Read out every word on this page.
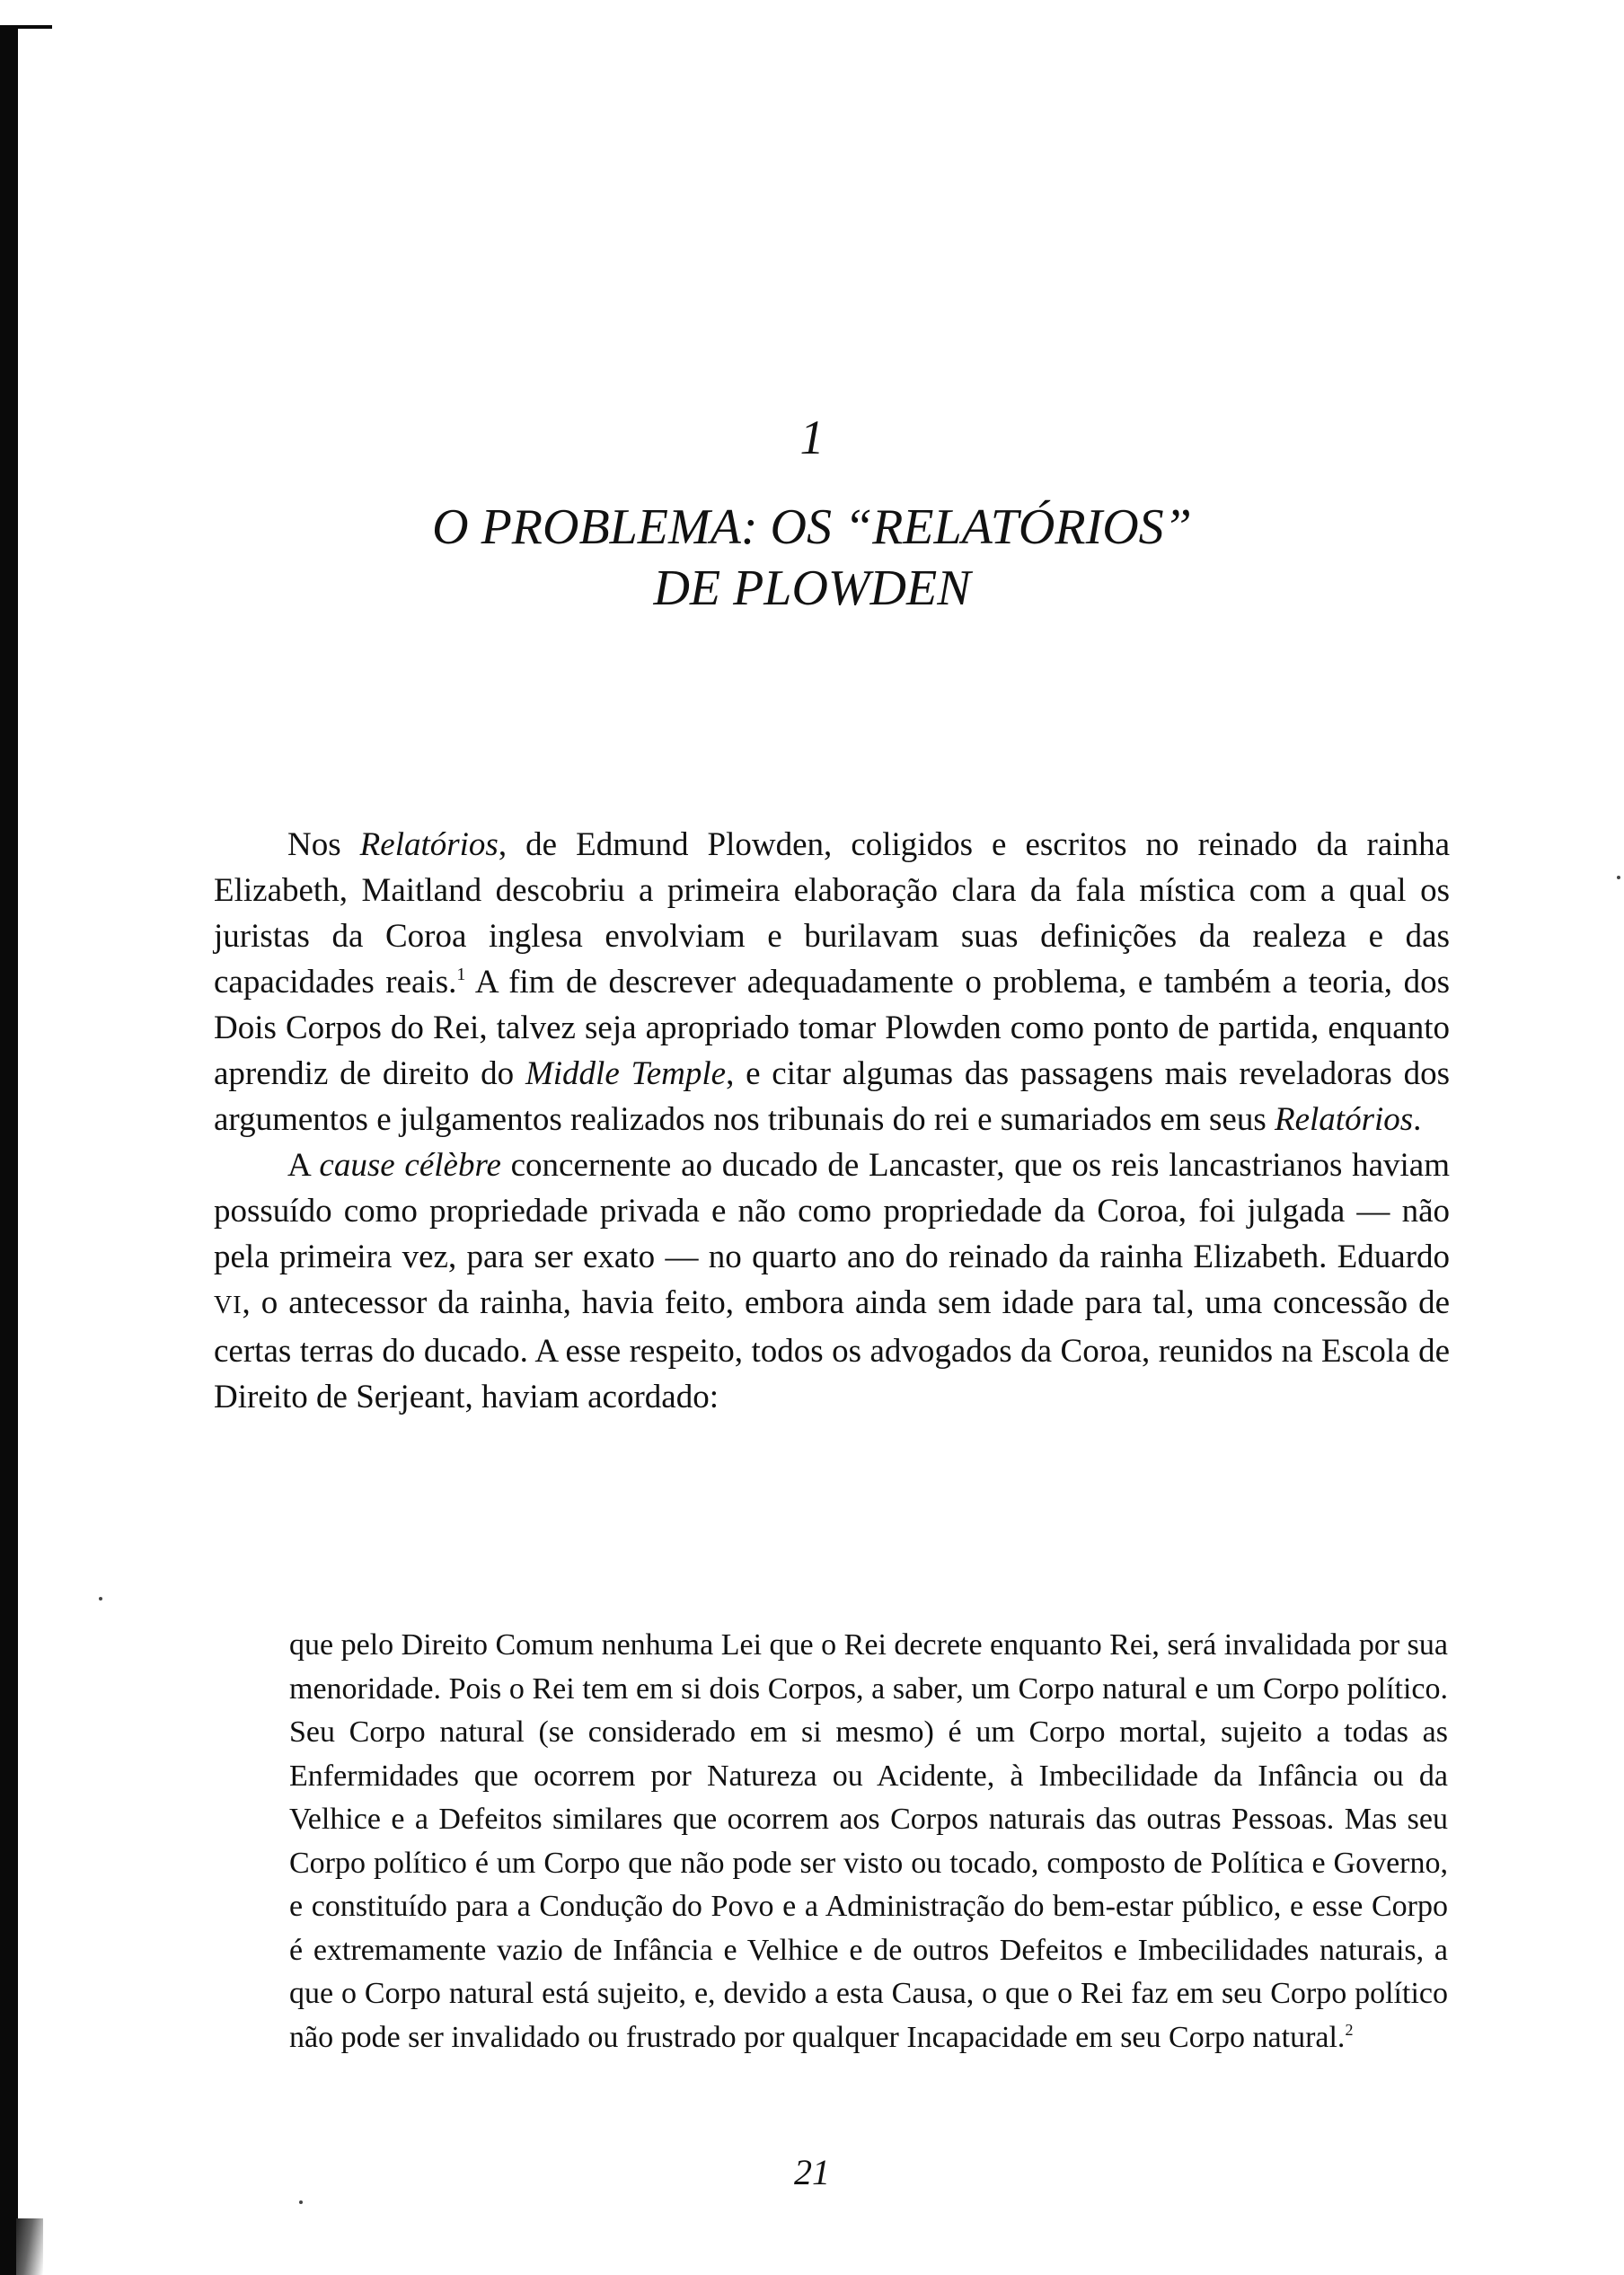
1
O PROBLEMA: OS “RELATÓRIOS”
DE PLOWDEN

Nos Relatórios, de Edmund Plowden, coligidos e escritos no reinado da rainha Elizabeth, Maitland descobriu a primeira elaboração clara da fala mística com a qual os juristas da Coroa inglesa envolviam e burilavam suas definições da realeza e das capacidades reais.$^1$ A fim de descrever adequadamente o problema, e também a teoria, dos Dois Corpos do Rei, talvez seja apropriado tomar Plowden como ponto de partida, enquanto aprendiz de direito do Middle Temple, e citar algumas das passagens mais reveladoras dos argumentos e julgamentos realizados nos tribunais do rei e sumariados em seus Relatórios.

A cause célèbre concernente ao ducado de Lancaster, que os reis lancastrianos haviam possuído como propriedade privada e não como propriedade da Coroa, foi julgada — não pela primeira vez, para ser exato — no quarto ano do reinado da rainha Elizabeth. Eduardo VI, o antecessor da rainha, havia feito, embora ainda sem idade para tal, uma concessão de certas terras do ducado. A esse respeito, todos os advogados da Coroa, reunidos na Escola de Direito de Serjeant, haviam acordado:

que pelo Direito Comum nenhuma Lei que o Rei decrete enquanto Rei, será invalidada por sua menoridade. Pois o Rei tem em si dois Corpos, a saber, um Corpo natural e um Corpo político. Seu Corpo natural (se considerado em si mesmo) é um Corpo mortal, sujeito a todas as Enfermidades que ocorrem por Natureza ou Acidente, à Imbecilidade da Infância ou da Velhice e a Defeitos similares que ocorrem aos Corpos naturais das outras Pessoas. Mas seu Corpo político é um Corpo que não pode ser visto ou tocado, composto de Política e Governo, e constituído para a Condução do Povo e a Administração do bem-estar público, e esse Corpo é extremamente vazio de Infância e Velhice e de outros Defeitos e Imbecilidades naturais, a que o Corpo natural está sujeito, e, devido a esta Causa, o que o Rei faz em seu Corpo político não pode ser invalidado ou frustrado por qualquer Incapacidade em seu Corpo natural.$^2$
21
